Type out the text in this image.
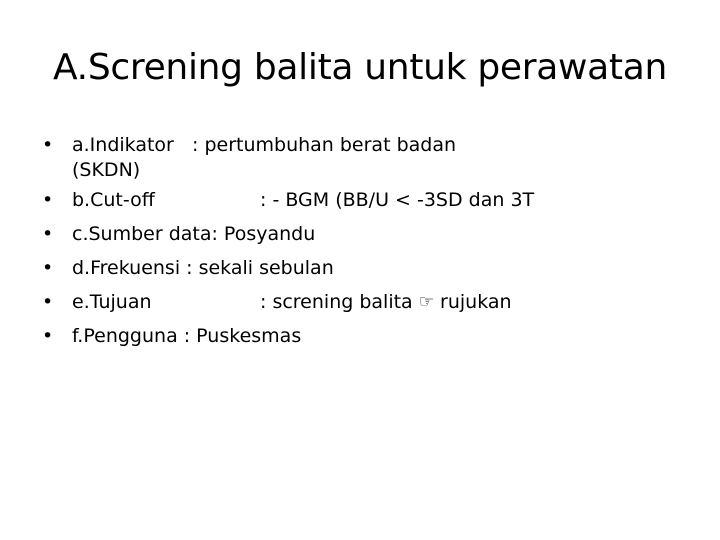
A.Screning balita untuk perawatan
• a.Indikator : pertumbuhan berat badan
(SKDN)
• b.Cut-off	: - BGM (BB/U < -3SD dan 3T
• c.Sumber data: Posyandu
• d.Frekuensi : sekali sebulan
• e.Tujuan	: screning balita ☞ rujukan
• f.Pengguna : Puskesmas
